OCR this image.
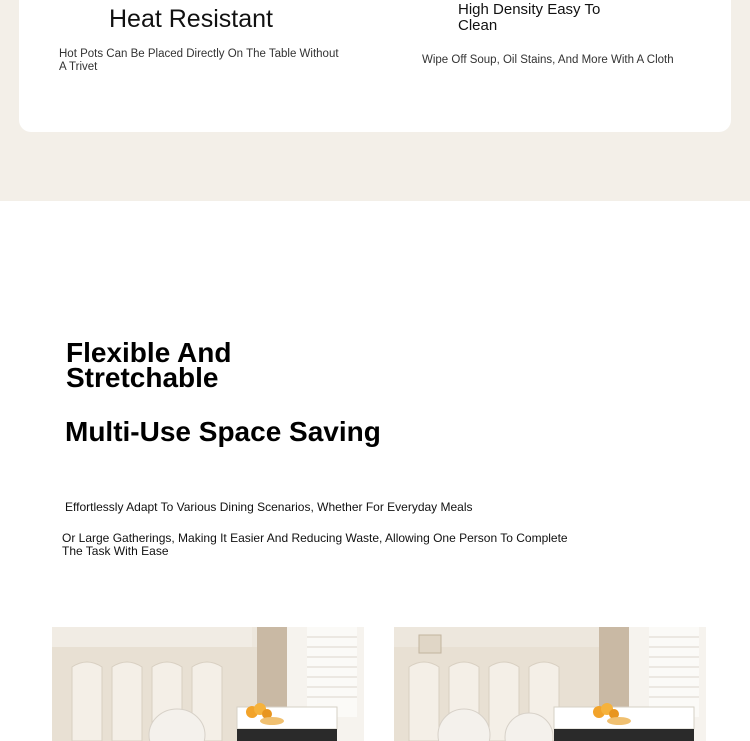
Heat Resistant
Hot Pots Can Be Placed Directly On The Table Without A Trivet
High Density Easy To Clean
Wipe Off Soup, Oil Stains, And More With A Cloth
Flexible And Stretchable
Multi-Use Space Saving
Effortlessly Adapt To Various Dining Scenarios, Whether For Everyday Meals
Or Large Gatherings, Making It Easier And Reducing Waste, Allowing One Person To Complete The Task With Ease
